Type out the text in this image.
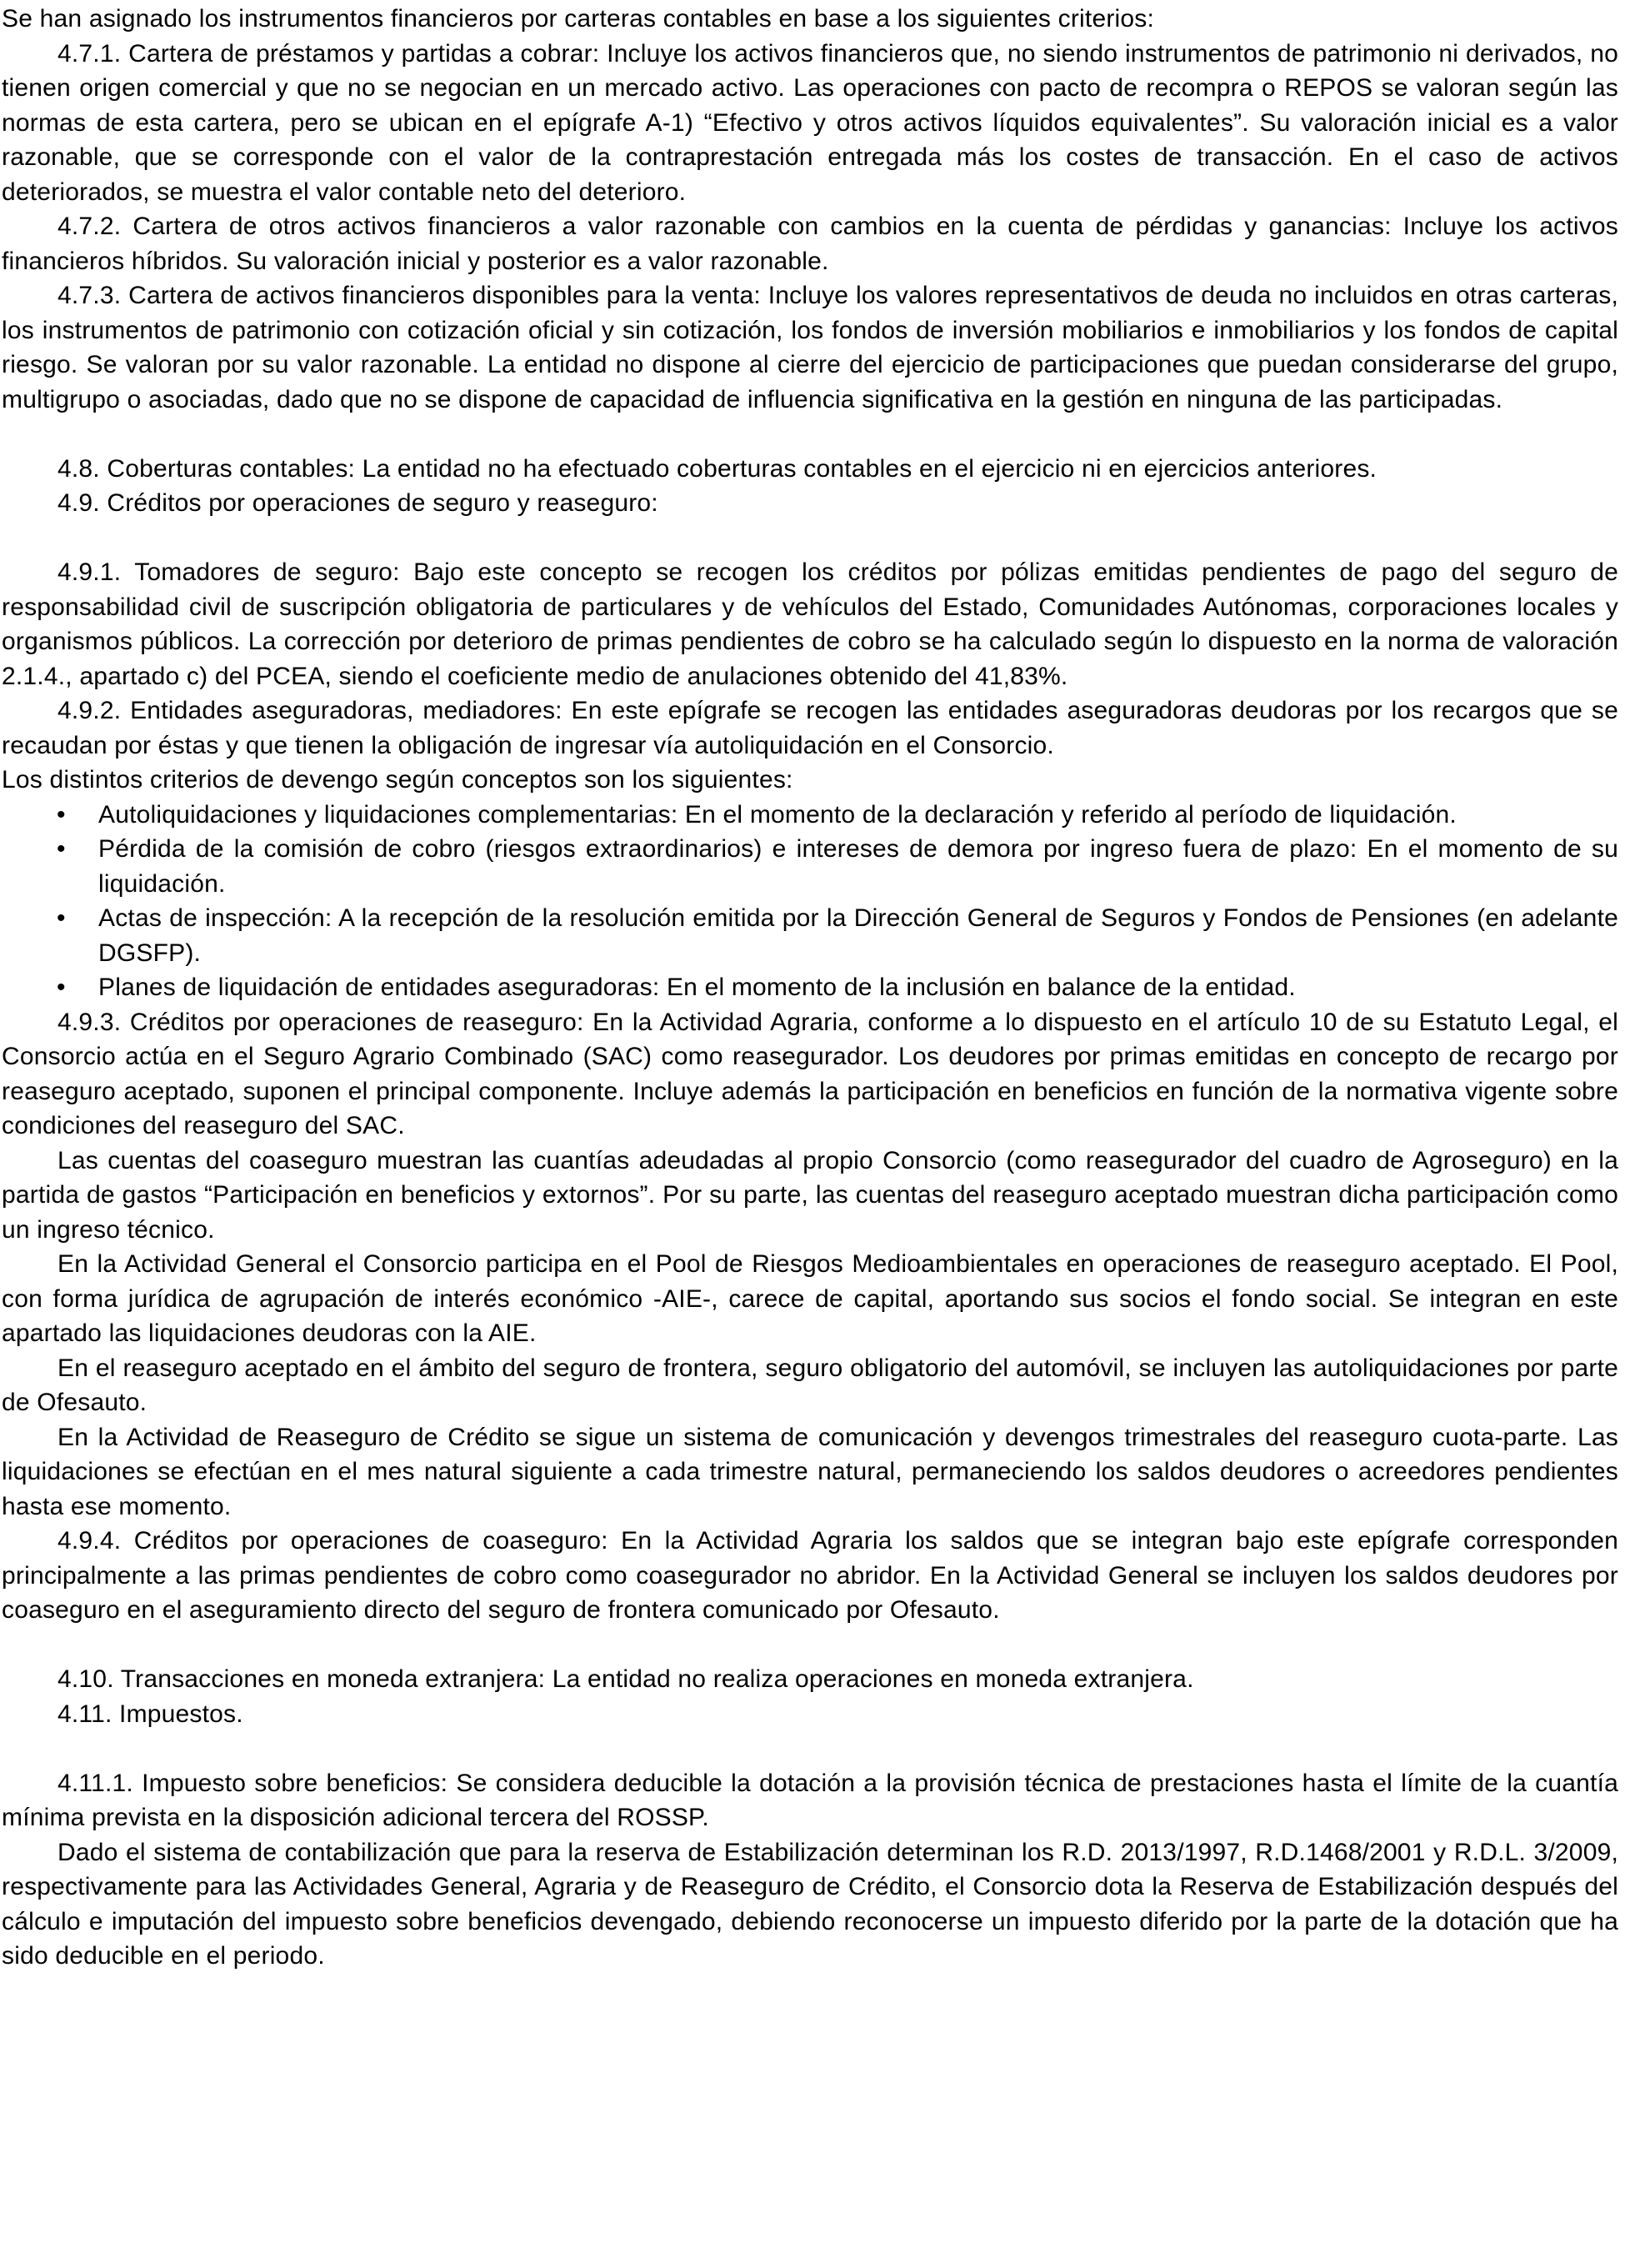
Se han asignado los instrumentos financieros por carteras contables en base a los siguientes criterios:

4.7.1. Cartera de préstamos y partidas a cobrar: Incluye los activos financieros que, no siendo instrumentos de patrimonio ni derivados, no tienen origen comercial y que no se negocian en un mercado activo. Las operaciones con pacto de recompra o REPOS se valoran según las normas de esta cartera, pero se ubican en el epígrafe A-1) “Efectivo y otros activos líquidos equivalentes”. Su valoración inicial es a valor razonable, que se corresponde con el valor de la contraprestación entregada más los costes de transacción. En el caso de activos deteriorados, se muestra el valor contable neto del deterioro.

4.7.2. Cartera de otros activos financieros a valor razonable con cambios en la cuenta de pérdidas y ganancias: Incluye los activos financieros híbridos. Su valoración inicial y posterior es a valor razonable.

4.7.3. Cartera de activos financieros disponibles para la venta: Incluye los valores representativos de deuda no incluidos en otras carteras, los instrumentos de patrimonio con cotización oficial y sin cotización, los fondos de inversión mobiliarios e inmobiliarios y los fondos de capital riesgo. Se valoran por su valor razonable. La entidad no dispone al cierre del ejercicio de participaciones que puedan considerarse del grupo, multigrupo o asociadas, dado que no se dispone de capacidad de influencia significativa en la gestión en ninguna de las participadas.

4.8. Coberturas contables: La entidad no ha efectuado coberturas contables en el ejercicio ni en ejercicios anteriores.

4.9. Créditos por operaciones de seguro y reaseguro:

4.9.1. Tomadores de seguro: Bajo este concepto se recogen los créditos por pólizas emitidas pendientes de pago del seguro de responsabilidad civil de suscripción obligatoria de particulares y de vehículos del Estado, Comunidades Autónomas, corporaciones locales y organismos públicos. La corrección por deterioro de primas pendientes de cobro se ha calculado según lo dispuesto en la norma de valoración 2.1.4., apartado c) del PCEA, siendo el coeficiente medio de anulaciones obtenido del 41,83%.

4.9.2. Entidades aseguradoras, mediadores: En este epígrafe se recogen las entidades aseguradoras deudoras por los recargos que se recaudan por éstas y que tienen la obligación de ingresar vía autoliquidación en el Consorcio.

Los distintos criterios de devengo según conceptos son los siguientes:

• Autoliquidaciones y liquidaciones complementarias: En el momento de la declaración y referido al período de liquidación.
• Pérdida de la comisión de cobro (riesgos extraordinarios) e intereses de demora por ingreso fuera de plazo: En el momento de su liquidación.
• Actas de inspección: A la recepción de la resolución emitida por la Dirección General de Seguros y Fondos de Pensiones (en adelante DGSFP).
• Planes de liquidación de entidades aseguradoras: En el momento de la inclusión en balance de la entidad.

4.9.3. Créditos por operaciones de reaseguro: En la Actividad Agraria, conforme a lo dispuesto en el artículo 10 de su Estatuto Legal, el Consorcio actúa en el Seguro Agrario Combinado (SAC) como reasegurador. Los deudores por primas emitidas en concepto de recargo por reaseguro aceptado, suponen el principal componente. Incluye además la participación en beneficios en función de la normativa vigente sobre condiciones del reaseguro del SAC.

Las cuentas del coaseguro muestran las cuantías adeudadas al propio Consorcio (como reasegurador del cuadro de Agroseguro) en la partida de gastos “Participación en beneficios y extornos”. Por su parte, las cuentas del reaseguro aceptado muestran dicha participación como un ingreso técnico.

En la Actividad General el Consorcio participa en el Pool de Riesgos Medioambientales en operaciones de reaseguro aceptado. El Pool, con forma jurídica de agrupación de interés económico -AIE-, carece de capital, aportando sus socios el fondo social. Se integran en este apartado las liquidaciones deudoras con la AIE.

En el reaseguro aceptado en el ámbito del seguro de frontera, seguro obligatorio del automóvil, se incluyen las autoliquidaciones por parte de Ofesauto.

En la Actividad de Reaseguro de Crédito se sigue un sistema de comunicación y devengos trimestrales del reaseguro cuota-parte. Las liquidaciones se efectúan en el mes natural siguiente a cada trimestre natural, permaneciendo los saldos deudores o acreedores pendientes hasta ese momento.

4.9.4. Créditos por operaciones de coaseguro: En la Actividad Agraria los saldos que se integran bajo este epígrafe corresponden principalmente a las primas pendientes de cobro como coasegurador no abridor. En la Actividad General se incluyen los saldos deudores por coaseguro en el aseguramiento directo del seguro de frontera comunicado por Ofesauto.

4.10. Transacciones en moneda extranjera: La entidad no realiza operaciones en moneda extranjera.

4.11. Impuestos.

4.11.1. Impuesto sobre beneficios: Se considera deducible la dotación a la provisión técnica de prestaciones hasta el límite de la cuantía mínima prevista en la disposición adicional tercera del ROSSP.

Dado el sistema de contabilización que para la reserva de Estabilización determinan los R.D. 2013/1997, R.D.1468/2001 y R.D.L. 3/2009, respectivamente para las Actividades General, Agraria y de Reaseguro de Crédito, el Consorcio dota la Reserva de Estabilización después del cálculo e imputación del impuesto sobre beneficios devengado, debiendo reconocerse un impuesto diferido por la parte de la dotación que ha sido deducible en el periodo.
